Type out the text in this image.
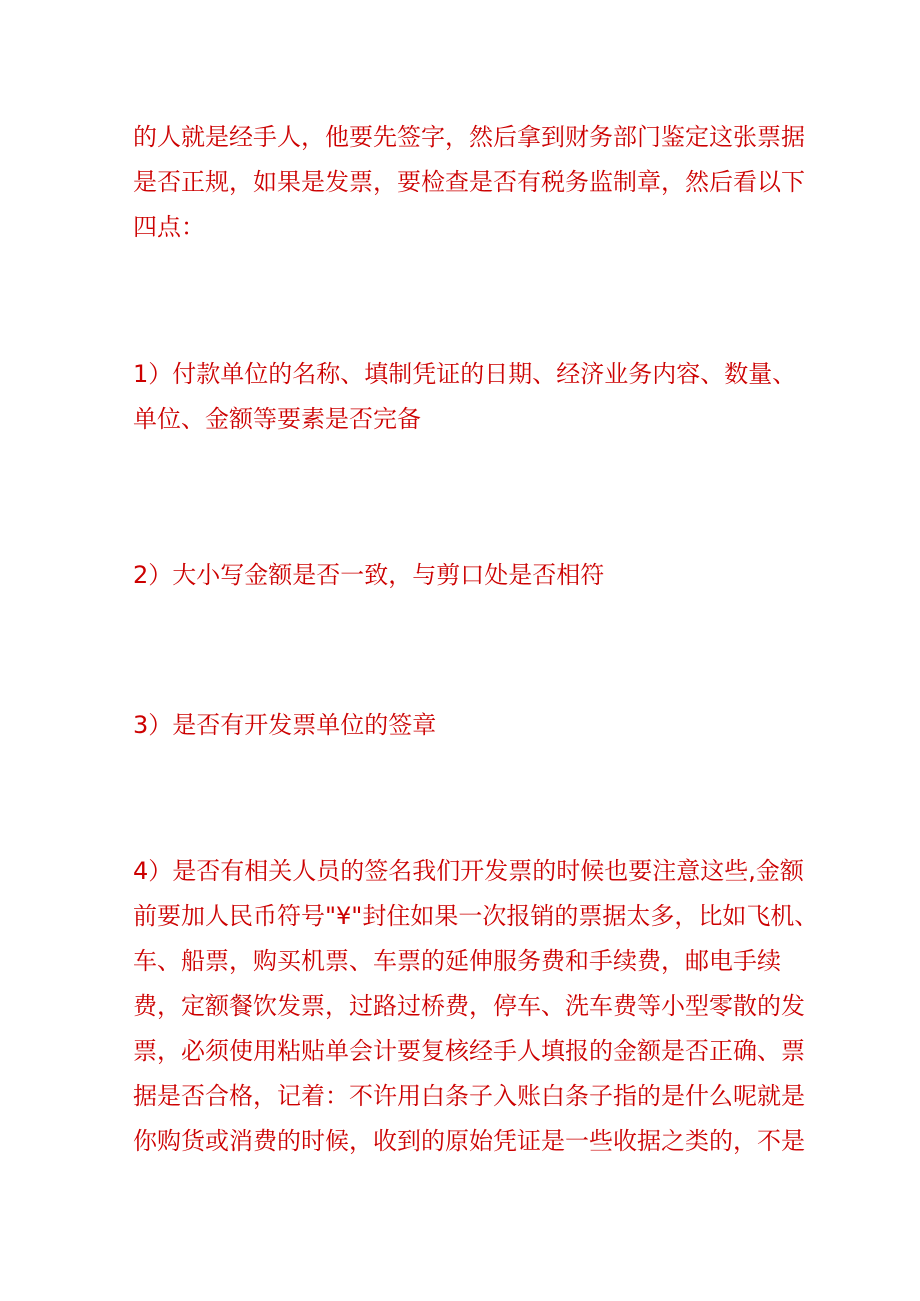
的人就是经手人，他要先签字，然后拿到财务部门鉴定这张票据
是否正规，如果是发票，要检查是否有税务监制章，然后看以下
四点：
1）付款单位的名称、填制凭证的日期、经济业务内容、数量、
单位、金额等要素是否完备
2）大小写金额是否一致，与剪口处是否相符
3）是否有开发票单位的签章
4）是否有相关人员的签名我们开发票的时候也要注意这些,金额
前要加人民币符号"¥"封住如果一次报销的票据太多，比如飞机、
车、船票，购买机票、车票的延伸服务费和手续费，邮电手续
费，定额餐饮发票，过路过桥费，停车、洗车费等小型零散的发
票，必须使用粘贴单会计要复核经手人填报的金额是否正确、票
据是否合格，记着：不许用白条子入账白条子指的是什么呢就是
你购货或消费的时候，收到的原始凭证是一些收据之类的，不是
